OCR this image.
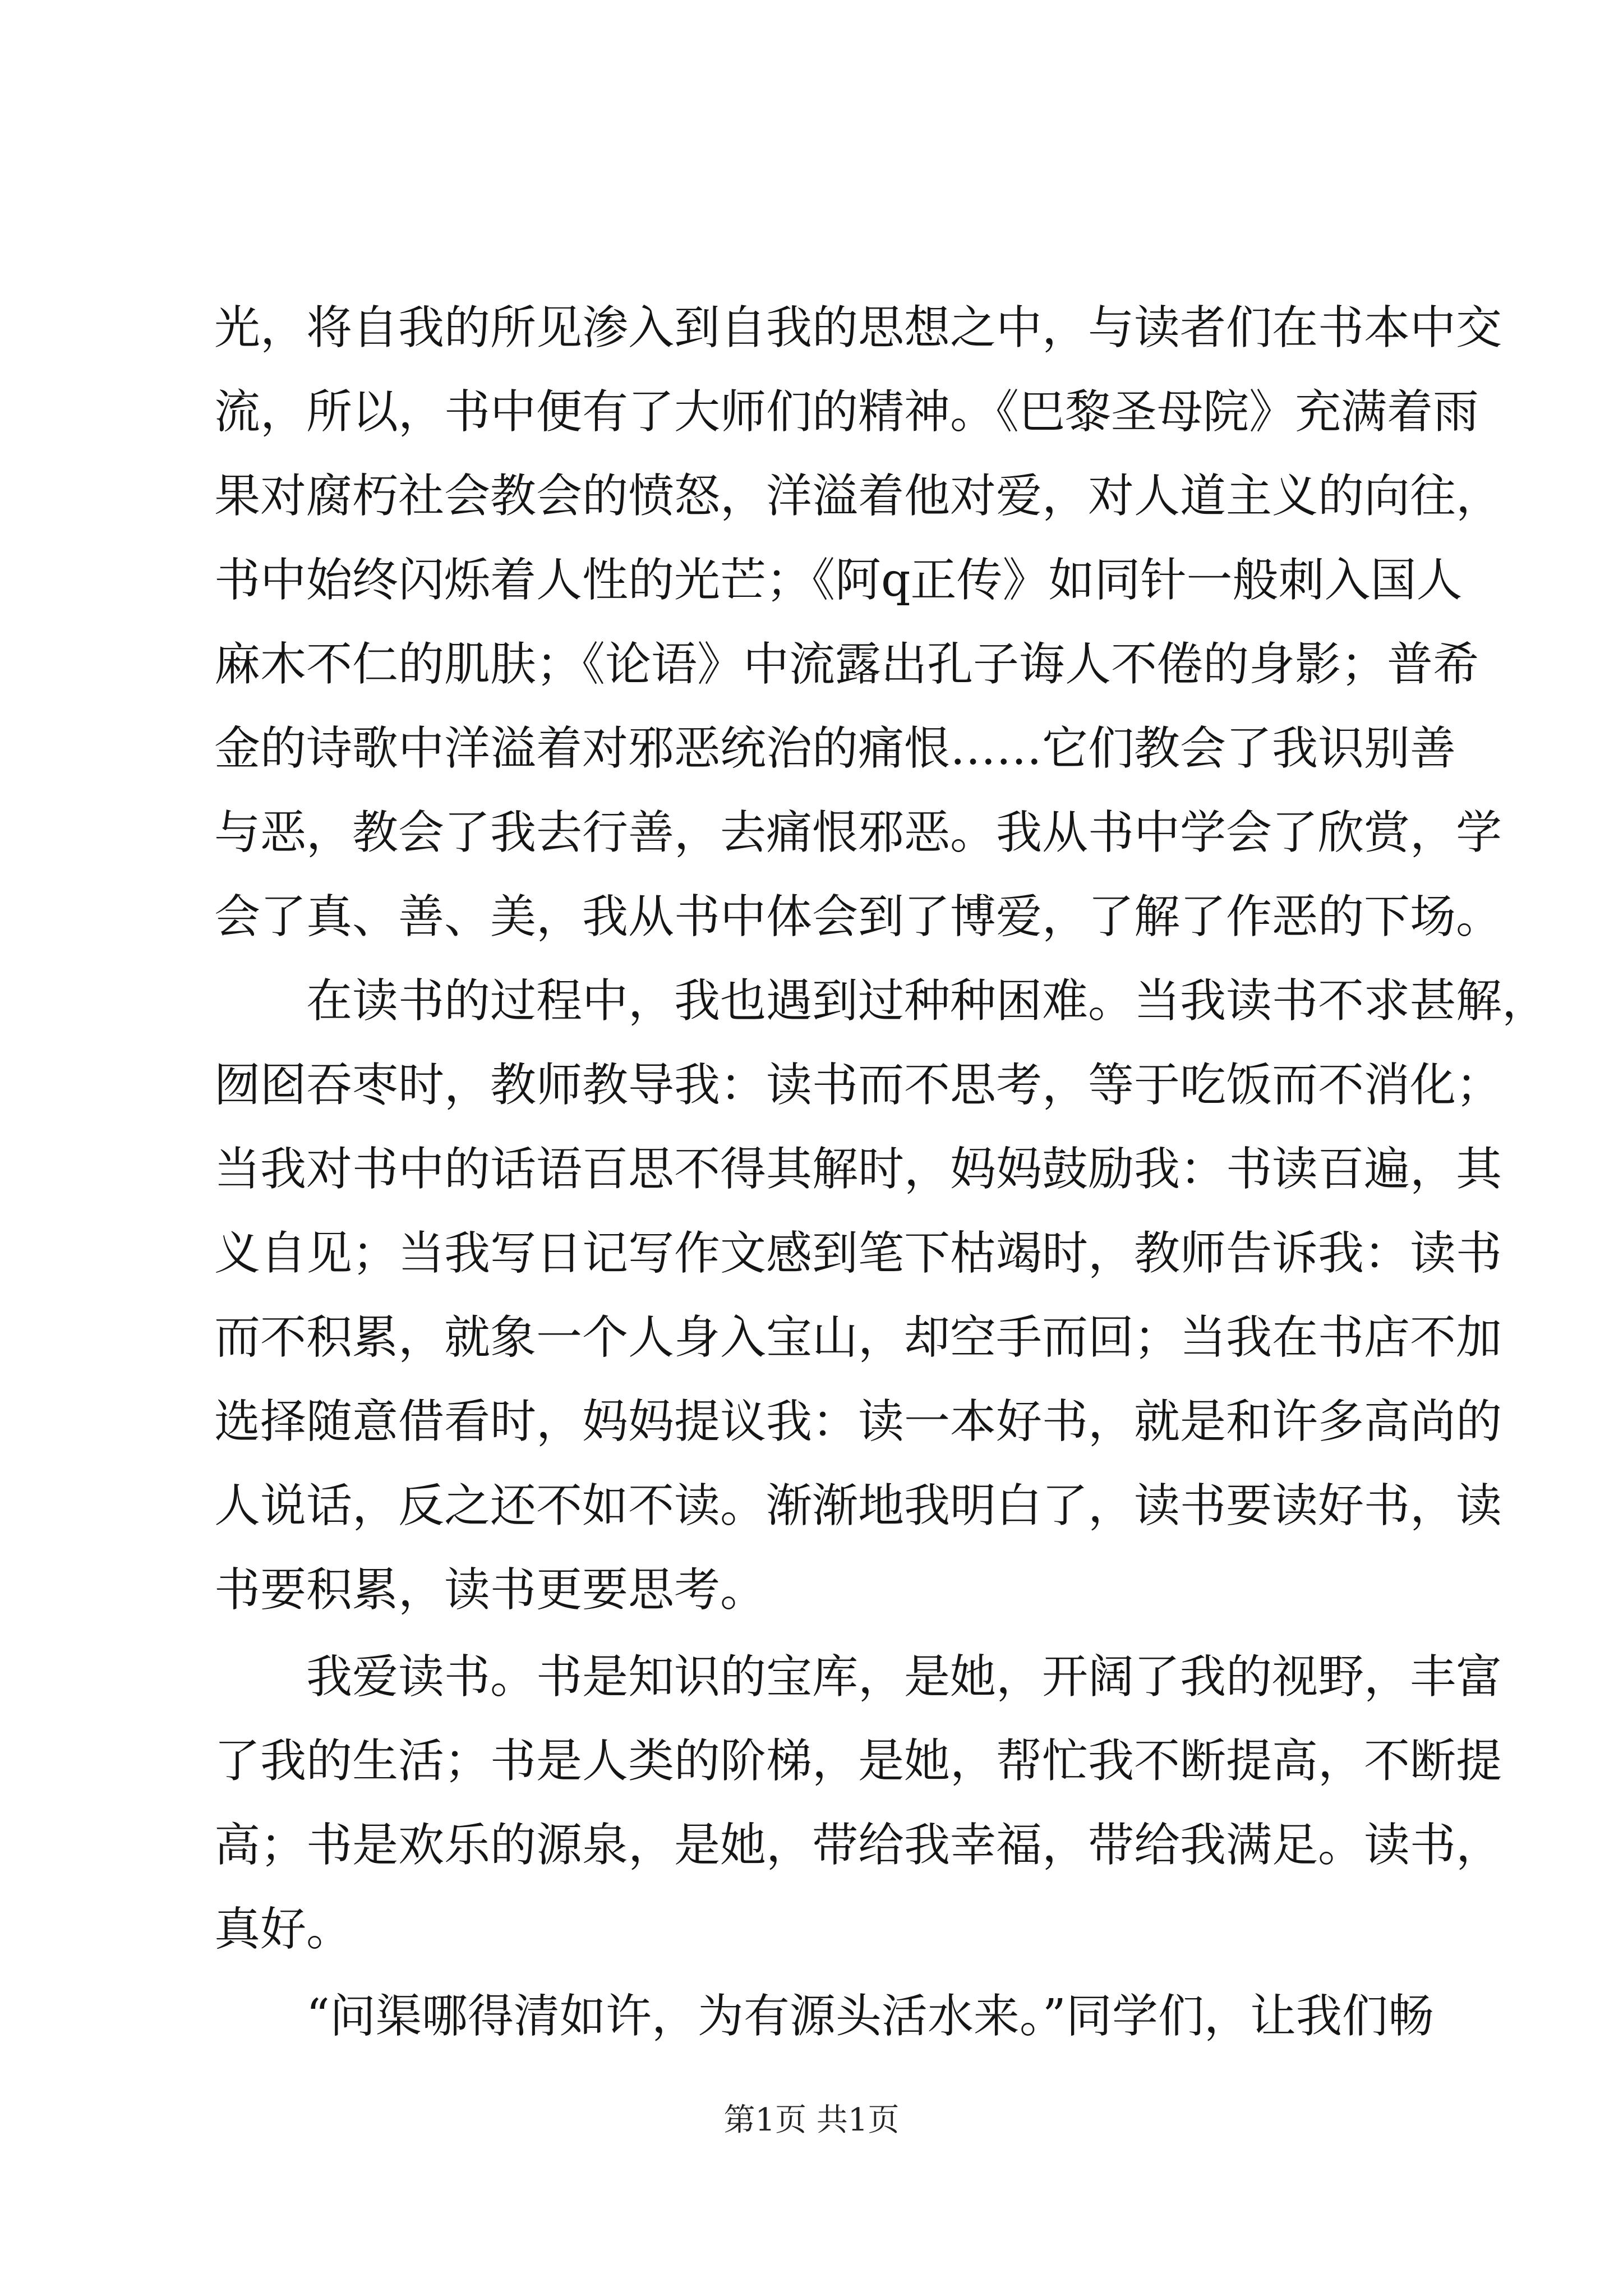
光，将自我的所见渗入到自我的思想之中，与读者们在书本中交
流，所以，书中便有了大师们的精神。《巴黎圣母院》充满着雨
果对腐朽社会教会的愤怒，洋溢着他对爱，对人道主义的向往，
书中始终闪烁着人性的光芒；《阿q正传》如同针一般刺入国人
麻木不仁的肌肤；《论语》中流露出孔子诲人不倦的身影；普希
金的诗歌中洋溢着对邪恶统治的痛恨……它们教会了我识别善
与恶，教会了我去行善，去痛恨邪恶。我从书中学会了欣赏，学
会了真、善、美，我从书中体会到了博爱，了解了作恶的下场。
在读书的过程中，我也遇到过种种困难。当我读书不求甚解，
囫囵吞枣时，教师教导我：读书而不思考，等于吃饭而不消化；
当我对书中的话语百思不得其解时，妈妈鼓励我：书读百遍，其
义自见；当我写日记写作文感到笔下枯竭时，教师告诉我：读书
而不积累，就象一个人身入宝山，却空手而回；当我在书店不加
选择随意借看时，妈妈提议我：读一本好书，就是和许多高尚的
人说话，反之还不如不读。渐渐地我明白了，读书要读好书，读
书要积累，读书更要思考。
我爱读书。书是知识的宝库，是她，开阔了我的视野，丰富
了我的生活；书是人类的阶梯，是她，帮忙我不断提高，不断提
高；书是欢乐的源泉，是她，带给我幸福，带给我满足。读书，
真好。
“问渠哪得清如许，为有源头活水来。”同学们，让我们畅
第1页 共1页
